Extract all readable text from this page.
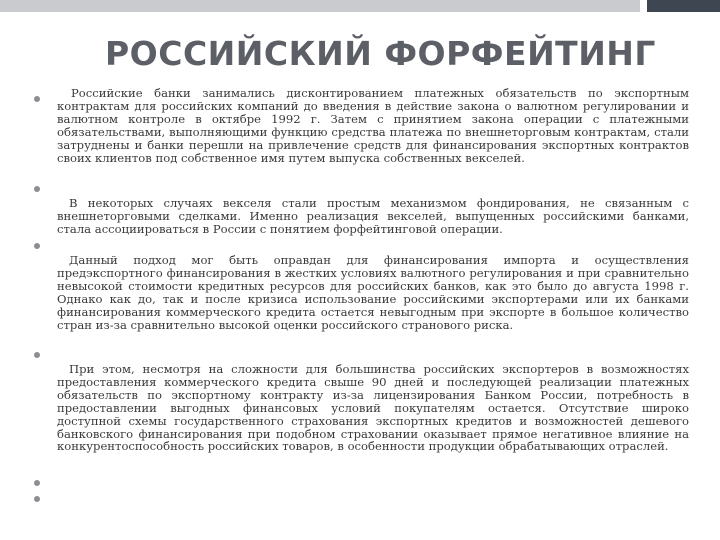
РОССИЙСКИЙ ФОРФЕЙТИНГ

Российские банки занимались дисконтированием платежных обязательств по экспортным контрактам для российских компаний до введения в действие закона о валютном регулировании и валютном контроле в октябре 1992 г. Затем с принятием закона операции с платежными обязательствами, выполняющими функцию средства платежа по внешнеторговым контрактам, стали затруднены и банки перешли на привлечение средств для финансирования экспортных контрактов своих клиентов под собственное имя путем выпуска собственных векселей.

В некоторых случаях векселя стали простым механизмом фондирования, не связанным с внешнеторговыми сделками. Именно реализация векселей, выпущенных российскими банками, стала ассоциироваться в России с понятием форфейтинговой операции.

Данный подход мог быть оправдан для финансирования импорта и осуществления предэкспортного финансирования в жестких условиях валютного регулирования и при сравнительно невысокой стоимости кредитных ресурсов для российских банков, как это было до августа 1998 г. Однако как до, так и после кризиса использование российскими экспортерами или их банками финансирования коммерческого кредита остается невыгодным при экспорте в большое количество стран из-за сравнительно высокой оценки российского странового риска.

При этом, несмотря на сложности для большинства российских экспортеров в возможностях предоставления коммерческого кредита свыше 90 дней и последующей реализации платежных обязательств по экспортному контракту из-за лицензирования Банком России, потребность в предоставлении выгодных финансовых условий покупателям остается. Отсутствие широко доступной схемы государственного страхования экспортных кредитов и возможностей дешевого банковского финансирования при подобном страховании оказывает прямое негативное влияние на конкурентоспособность российских товаров, в особенности продукции обрабатывающих отраслей.
